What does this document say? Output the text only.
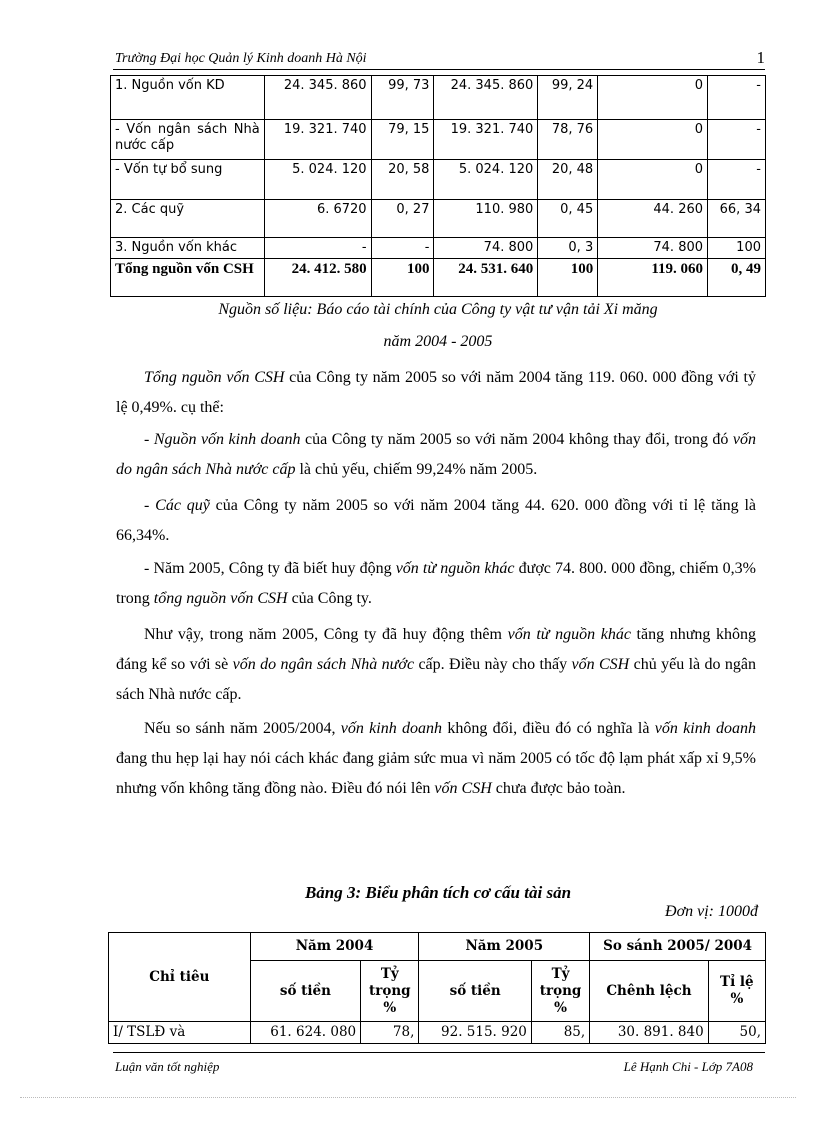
Trường Đại học Quản lý Kinh doanh Hà Nội	1
1. Nguồn vốn KD	24. 345. 860	99, 73	24. 345. 860	99, 24	0	-
- Vốn ngân sách Nhà nước cấp	19. 321. 740	79, 15	19. 321. 740	78, 76	0	-
- Vốn tự bổ sung	5. 024. 120	20, 58	5. 024. 120	20, 48	0	-
2. Các quỹ	6. 6720	0, 27	110. 980	0, 45	44. 260	66, 34
3. Nguồn vốn khác	-	-	74. 800	0, 3	74. 800	100
Tổng nguồn vốn CSH	24. 412. 580	100	24. 531. 640	100	119. 060	0, 49
Nguồn số liệu: Báo cáo tài chính của Công ty vật tư vận tải Xi măng
năm 2004 - 2005

Tổng nguồn vốn CSH của Công ty năm 2005 so với năm 2004 tăng 119. 060. 000 đồng với tỷ lệ 0,49%. cụ thể:

- Nguồn vốn kinh doanh của Công ty năm 2005 so với năm 2004 không thay đổi, trong đó vốn do ngân sách Nhà nước cấp là chủ yếu, chiếm 99,24% năm 2005.

- Các quỹ của Công ty năm 2005 so với năm 2004 tăng 44. 620. 000 đồng với tỉ lệ tăng là 66,34%.

- Năm 2005, Công ty đã biết huy động vốn từ nguồn khác được 74. 800. 000 đồng, chiếm 0,3% trong tổng nguồn vốn CSH của Công ty.

Như vậy, trong năm 2005, Công ty đã huy động thêm vốn từ nguồn khác tăng nhưng không đáng kể so với sè vốn do ngân sách Nhà nước cấp. Điều này cho thấy vốn CSH chủ yếu là do ngân sách Nhà nước cấp.

Nếu so sánh năm 2005/2004, vốn kinh doanh không đổi, điều đó có nghĩa là vốn kinh doanh đang thu hẹp lại hay nói cách khác đang giảm sức mua vì năm 2005 có tốc độ lạm phát xấp xỉ 9,5% nhưng vốn không tăng đồng nào. Điều đó nói lên vốn CSH chưa được bảo toàn.

Bảng 3: Biểu phân tích cơ cấu tài sản
Đơn vị: 1000đ
Chỉ tiêu	Năm 2004		Năm 2005		So sánh 2005/ 2004	
	số tiền	Tỷ trọng %	số tiền	Tỷ trọng %	Chênh lệch	Tỉ lệ %
I/ TSLĐ và	61. 624. 080	78,	92. 515. 920	85,	30. 891. 840	50,
Luận văn tốt nghiệp	Lê Hạnh Chi - Lớp 7A08
